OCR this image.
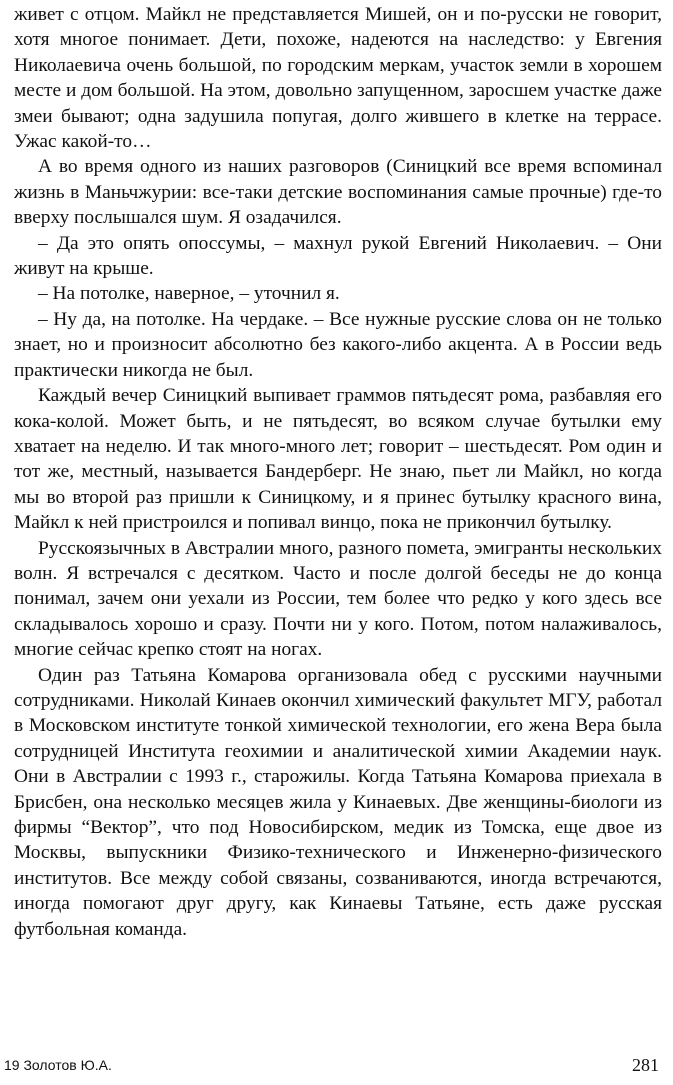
живет с отцом. Майкл не представляется Мишей, он и по-русски не говорит, хотя многое понимает. Дети, похоже, надеются на наследство: у Евгения Николаевича очень большой, по городским меркам, участок земли в хорошем месте и дом большой. На этом, довольно запущенном, заросшем участке даже змеи бывают; одна задушила попугая, долго жившего в клетке на террасе. Ужас какой-то…

А во время одного из наших разговоров (Синицкий все время вспоминал жизнь в Маньчжурии: все-таки детские воспоминания самые прочные) где-то вверху послышался шум. Я озадачился.

– Да это опять опоссумы, – махнул рукой Евгений Николаевич. – Они живут на крыше.

– На потолке, наверное, – уточнил я.

– Ну да, на потолке. На чердаке. – Все нужные русские слова он не только знает, но и произносит абсолютно без какого-либо акцента. А в России ведь практически никогда не был.

Каждый вечер Синицкий выпивает граммов пятьдесят рома, разбавляя его кока-колой. Может быть, и не пятьдесят, во всяком случае бутылки ему хватает на неделю. И так много-много лет; говорит – шестьдесят. Ром один и тот же, местный, называется Бандерберг. Не знаю, пьет ли Майкл, но когда мы во второй раз пришли к Синицкому, и я принес бутылку красного вина, Майкл к ней пристроился и попивал винцо, пока не прикончил бутылку.

Русскоязычных в Австралии много, разного помета, эмигранты нескольких волн. Я встречался с десятком. Часто и после долгой беседы не до конца понимал, зачем они уехали из России, тем более что редко у кого здесь все складывалось хорошо и сразу. Почти ни у кого. Потом, потом налаживалось, многие сейчас крепко стоят на ногах.

Один раз Татьяна Комарова организовала обед с русскими научными сотрудниками. Николай Кинаев окончил химический факультет МГУ, работал в Московском институте тонкой химической технологии, его жена Вера была сотрудницей Института геохимии и аналитической химии Академии наук. Они в Австралии с 1993 г., старожилы. Когда Татьяна Комарова приехала в Брисбен, она несколько месяцев жила у Кинаевых. Две женщины-биологи из фирмы “Вектор”, что под Новосибирском, медик из Томска, еще двое из Москвы, выпускники Физико-технического и Инженерно-физического институтов. Все между собой связаны, созваниваются, иногда встречаются, иногда помогают друг другу, как Кинаевы Татьяне, есть даже русская футбольная команда.

19 Золотов Ю.А.	281
